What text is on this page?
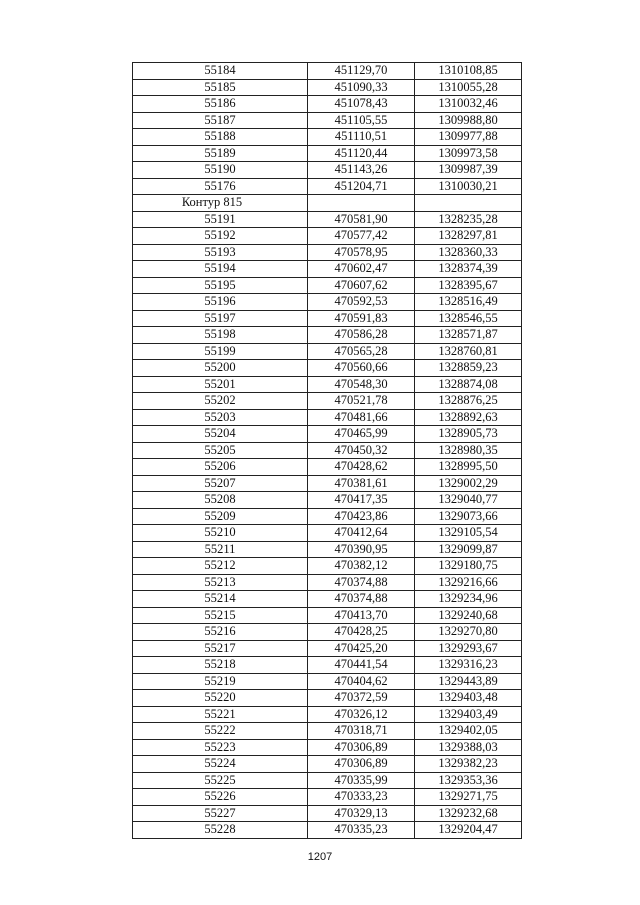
55184	451129,70	1310108,85
55185	451090,33	1310055,28
55186	451078,43	1310032,46
55187	451105,55	1309988,80
55188	451110,51	1309977,88
55189	451120,44	1309973,58
55190	451143,26	1309987,39
55176	451204,71	1310030,21
Контур 815		
55191	470581,90	1328235,28
55192	470577,42	1328297,81
55193	470578,95	1328360,33
55194	470602,47	1328374,39
55195	470607,62	1328395,67
55196	470592,53	1328516,49
55197	470591,83	1328546,55
55198	470586,28	1328571,87
55199	470565,28	1328760,81
55200	470560,66	1328859,23
55201	470548,30	1328874,08
55202	470521,78	1328876,25
55203	470481,66	1328892,63
55204	470465,99	1328905,73
55205	470450,32	1328980,35
55206	470428,62	1328995,50
55207	470381,61	1329002,29
55208	470417,35	1329040,77
55209	470423,86	1329073,66
55210	470412,64	1329105,54
55211	470390,95	1329099,87
55212	470382,12	1329180,75
55213	470374,88	1329216,66
55214	470374,88	1329234,96
55215	470413,70	1329240,68
55216	470428,25	1329270,80
55217	470425,20	1329293,67
55218	470441,54	1329316,23
55219	470404,62	1329443,89
55220	470372,59	1329403,48
55221	470326,12	1329403,49
55222	470318,71	1329402,05
55223	470306,89	1329388,03
55224	470306,89	1329382,23
55225	470335,99	1329353,36
55226	470333,23	1329271,75
55227	470329,13	1329232,68
55228	470335,23	1329204,47
1207
